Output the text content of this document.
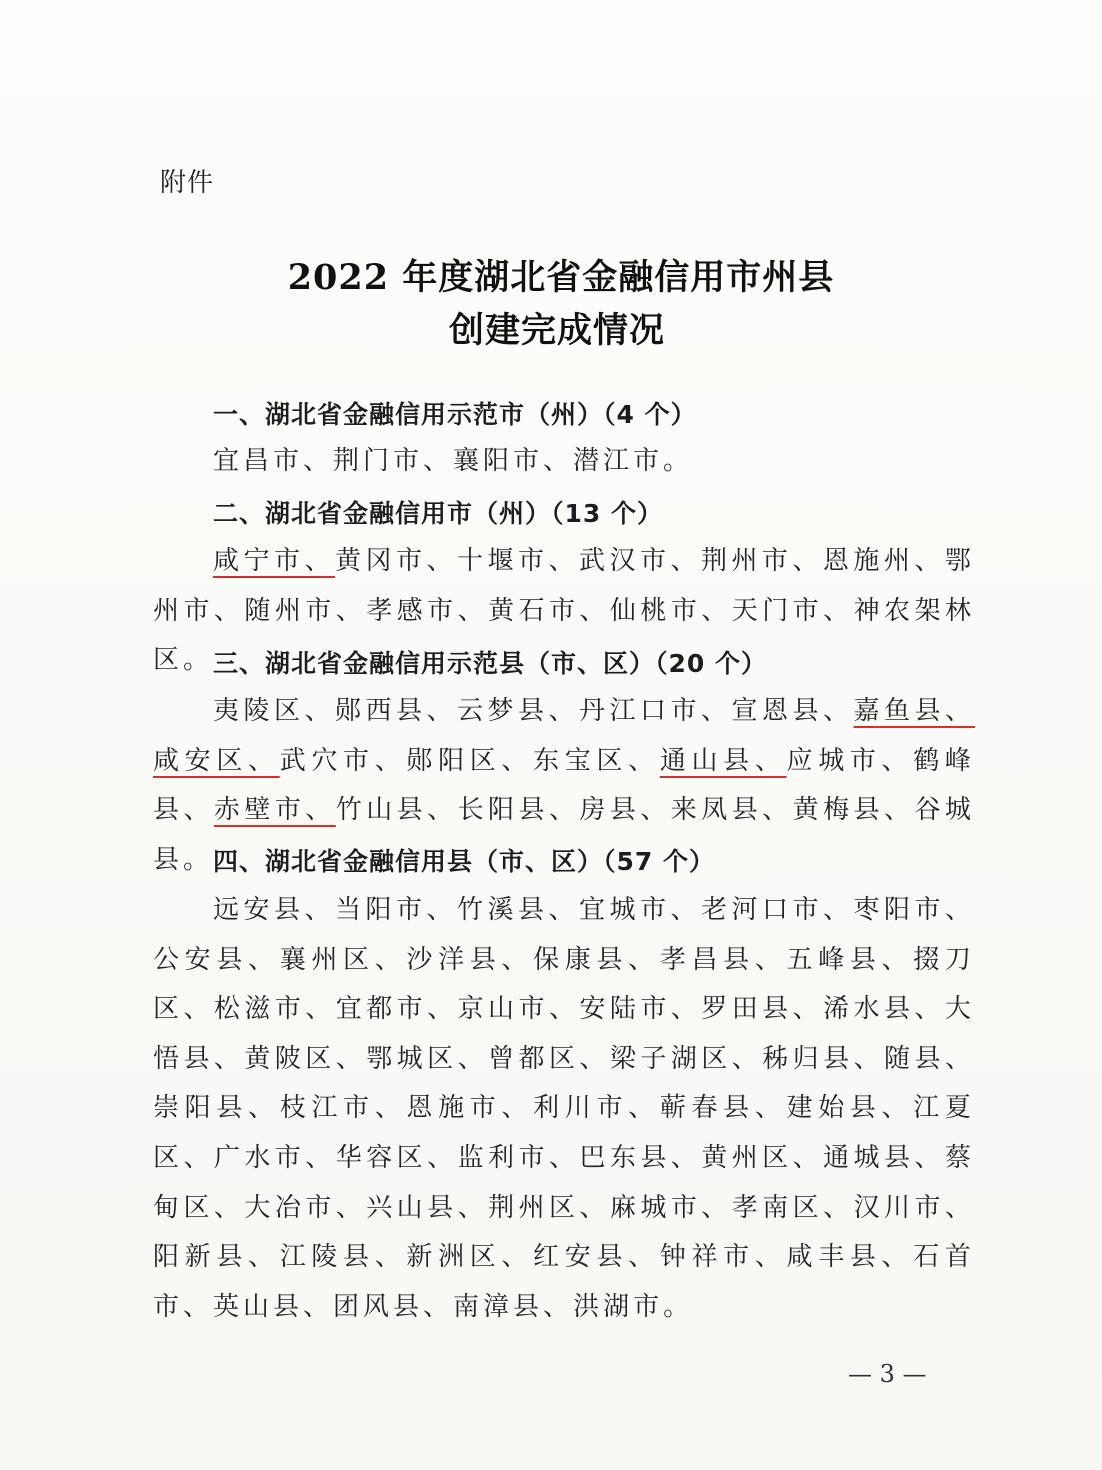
附件
2022 年度湖北省金融信用市州县
创建完成情况
一、湖北省金融信用示范市（州）（4 个）
宜昌市、荆门市、襄阳市、潜江市。
二、湖北省金融信用市（州）（13 个）
咸宁市、黄冈市、十堰市、武汉市、荆州市、恩施州、鄂州市、随州市、孝感市、黄石市、仙桃市、天门市、神农架林区。 三、湖北省金融信用示范县（市、区）（20 个）
夷陵区、郧西县、云梦县、丹江口市、宣恩县、嘉鱼县、咸安区、武穴市、郧阳区、东宝区、通山县、应城市、鹤峰县、赤壁市、竹山县、长阳县、房县、来凤县、黄梅县、谷城县。 四、湖北省金融信用县（市、区）（57 个）
远安县、当阳市、竹溪县、宜城市、老河口市、枣阳市、公安县、襄州区、沙洋县、保康县、孝昌县、五峰县、掇刀区、松滋市、宜都市、京山市、安陆市、罗田县、浠水县、大悟县、黄陂区、鄂城区、曾都区、梁子湖区、秭归县、随县、崇阳县、枝江市、恩施市、利川市、蕲春县、建始县、江夏区、广水市、华容区、监利市、巴东县、黄州区、通城县、蔡甸区、大冶市、兴山县、荆州区、麻城市、孝南区、汉川市、阳新县、江陵县、新洲区、红安县、钟祥市、咸丰县、石首市、英山县、团风县、南漳县、洪湖市。
— 3 —
